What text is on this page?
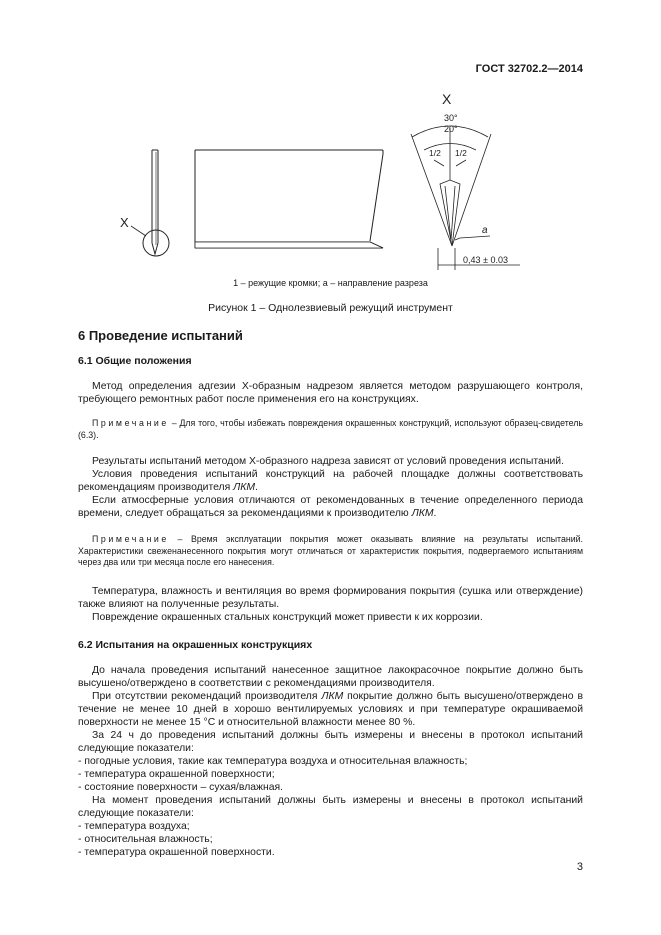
ГОСТ 32702.2—2014
X
X
30°
20°
1/2 1/2
a
0,43 ± 0.03
1 – режущие кромки; а – направление разреза
Рисунок 1 – Однолезвиевый режущий инструмент
6 Проведение испытаний
6.1 Общие положения

Метод определения адгезии Х-образным надрезом является методом разрушающего контроля, требующего ремонтных работ после применения его на конструкциях.

Примечание – Для того, чтобы избежать повреждения окрашенных конструкций, используют образец-свидетель (6.3).

Результаты испытаний методом Х-образного надреза зависят от условий проведения испытаний.

Условия проведения испытаний конструкций на рабочей площадке должны соответствовать рекомендациям производителя ЛКМ.

Если атмосферные условия отличаются от рекомендованных в течение определенного периода времени, следует обращаться за рекомендациями к производителю ЛКМ.

Примечание – Время эксплуатации покрытия может оказывать влияние на результаты испытаний. Характеристики свеженанесенного покрытия могут отличаться от характеристик покрытия, подвергаемого испытаниям через два или три месяца после его нанесения.

Температура, влажность и вентиляция во время формирования покрытия (сушка или отверждение) также влияют на полученные результаты.

Повреждение окрашенных стальных конструкций может привести к их коррозии.

6.2 Испытания на окрашенных конструкциях

До начала проведения испытаний нанесенное защитное лакокрасочное покрытие должно быть высушено/отверждено в соответствии с рекомендациями производителя.

При отсутствии рекомендаций производителя ЛКМ покрытие должно быть высушено/отверждено в течение не менее 10 дней в хорошо вентилируемых условиях и при температуре окрашиваемой поверхности не менее 15 °С и относительной влажности менее 80 %.

За 24 ч до проведения испытаний должны быть измерены и внесены в протокол испытаний следующие показатели:

- погодные условия, такие как температура воздуха и относительная влажность;

- температура окрашенной поверхности;

- состояние поверхности – сухая/влажная.

На момент проведения испытаний должны быть измерены и внесены в протокол испытаний следующие показатели:

- температура воздуха;

- относительная влажность;

- температура окрашенной поверхности.

3
